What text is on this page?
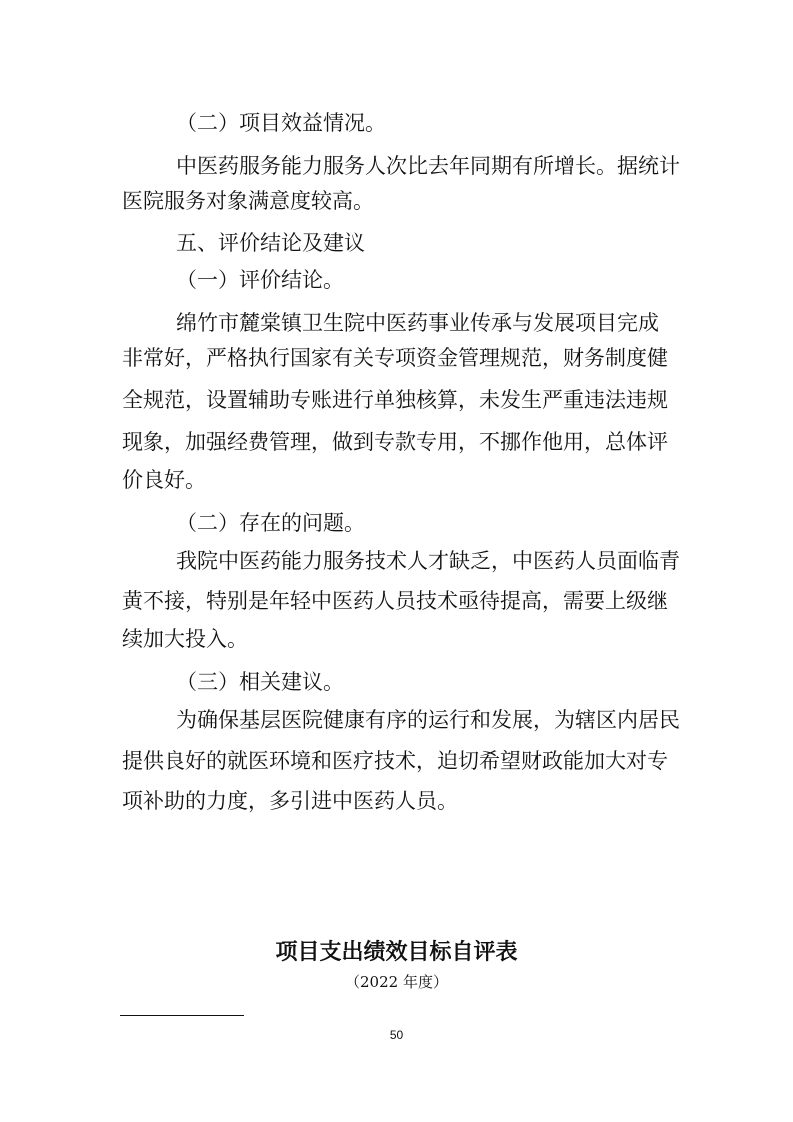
（二）项目效益情况。
中医药服务能力服务人次比去年同期有所增长。据统计
医院服务对象满意度较高。
五、评价结论及建议
（一）评价结论。
绵竹市麓棠镇卫生院中医药事业传承与发展项目完成
非常好，严格执行国家有关专项资金管理规范，财务制度健
全规范，设置辅助专账进行单独核算，未发生严重违法违规
现象，加强经费管理，做到专款专用，不挪作他用，总体评
价良好。
（二）存在的问题。
我院中医药能力服务技术人才缺乏，中医药人员面临青
黄不接，特别是年轻中医药人员技术亟待提高，需要上级继
续加大投入。
（三）相关建议。
为确保基层医院健康有序的运行和发展，为辖区内居民
提供良好的就医环境和医疗技术，迫切希望财政能加大对专
项补助的力度，多引进中医药人员。
项目支出绩效目标自评表
（2022 年度）
50
